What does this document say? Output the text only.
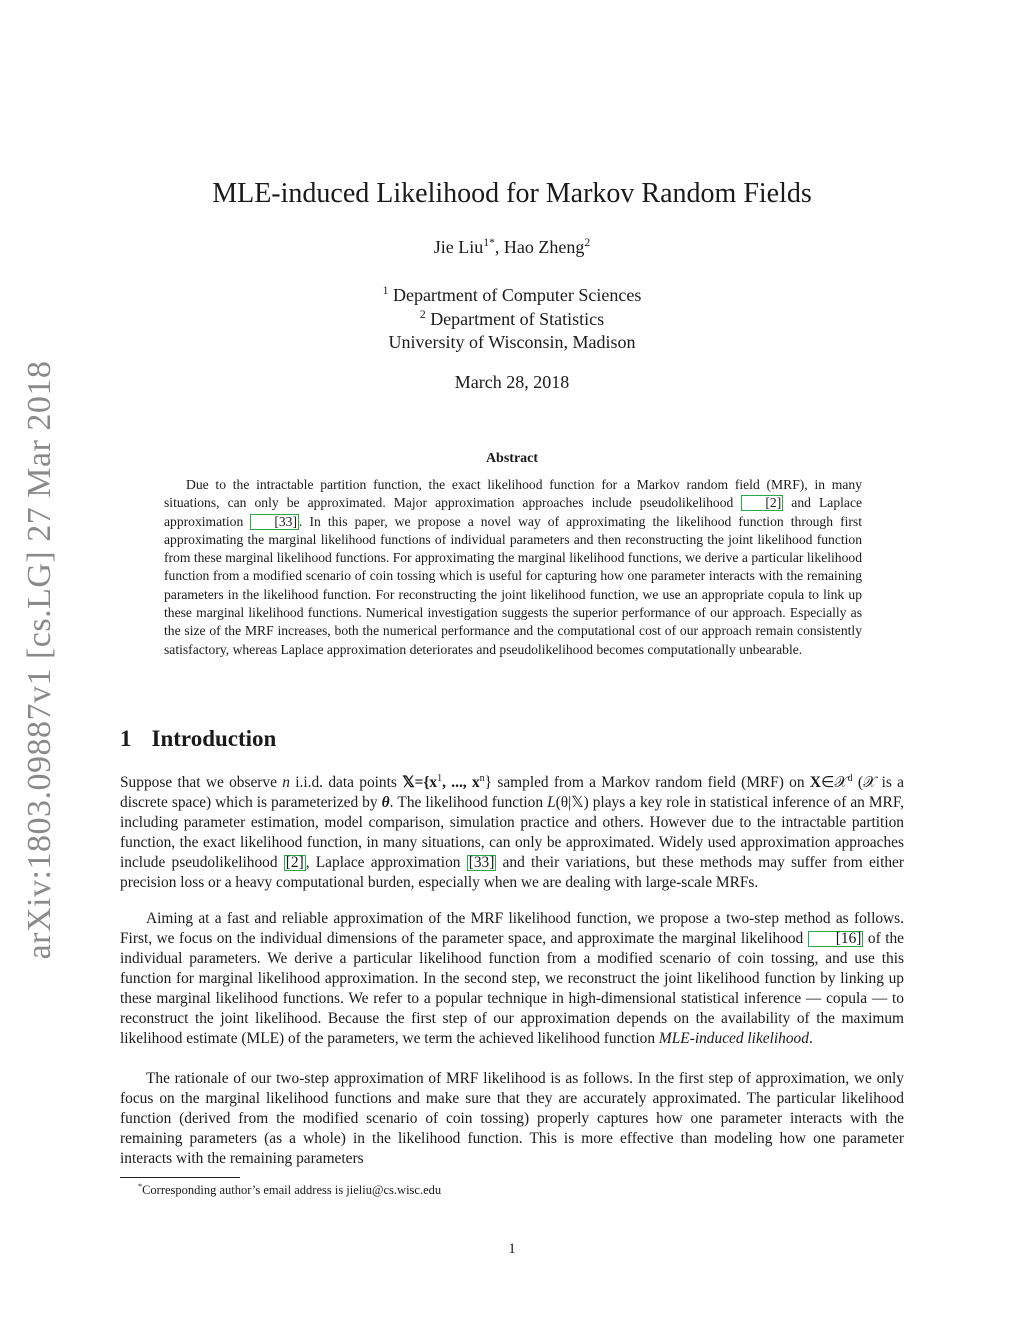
arXiv:1803.09887v1 [cs.LG] 27 Mar 2018
MLE-induced Likelihood for Markov Random Fields
Jie Liu$^{1*}$, Hao Zheng$^2$
$^1$ Department of Computer Sciences
$^2$ Department of Statistics
University of Wisconsin, Madison
March 28, 2018
Abstract
Due to the intractable partition function, the exact likelihood function for a Markov random field (MRF), in many situations, can only be approximated. Major approximation approaches include pseudolikelihood [2] and Laplace approximation [33] . In this paper, we propose a novel way of approximating the likelihood function through first approximating the marginal likelihood functions of individual parameters and then reconstructing the joint likelihood function from these marginal likelihood functions. For approximating the marginal likelihood functions, we derive a particular likelihood function from a modified scenario of coin tossing which is useful for capturing how one parameter interacts with the remaining parameters in the likelihood function. For reconstructing the joint likelihood function, we use an appropriate copula to link up these marginal likelihood functions. Numerical investigation suggests the superior performance of our approach. Especially as the size of the MRF increases, both the numerical performance and the computational cost of our approach remain consistently satisfactory, whereas Laplace approximation deteriorates and pseudolikelihood becomes computationally unbearable.
1 Introduction
Suppose that we observe n i.i.d. data points $𝕏=\{x^1$, ..., $x^n$} sampled from a Markov random field (MRF) on X∈𝒳$^d$ (𝒳 is a discrete space) which is parameterized by θ. The likelihood function L(θ|𝕏) plays a key role in statistical inference of an MRF, including parameter estimation, model comparison, simulation practice and others. However due to the intractable partition function, the exact likelihood function, in many situations, can only be approximated. Widely used approximation approaches include pseudolikelihood [2] , Laplace approximation [33] and their variations, but these methods may suffer from either precision loss or a heavy computational burden, especially when we are dealing with large-scale MRFs.
Aiming at a fast and reliable approximation of the MRF likelihood function, we propose a two-step method as follows. First, we focus on the individual dimensions of the parameter space, and approximate the marginal likelihood [16] of the individual parameters. We derive a particular likelihood function from a modified scenario of coin tossing, and use this function for marginal likelihood approximation. In the second step, we reconstruct the joint likelihood function by linking up these marginal likelihood functions. We refer to a popular technique in high-dimensional statistical inference — copula — to reconstruct the joint likelihood. Because the first step of our approximation depends on the availability of the maximum likelihood estimate (MLE) of the parameters, we term the achieved likelihood function MLE-induced likelihood.
The rationale of our two-step approximation of MRF likelihood is as follows. In the first step of approximation, we only focus on the marginal likelihood functions and make sure that they are accurately approximated. The particular likelihood function (derived from the modified scenario of coin tossing) properly captures how one parameter interacts with the remaining parameters (as a whole) in the likelihood function. This is more effective than modeling how one parameter interacts with the remaining parameters
*Corresponding author’s email address is jieliu@cs.wisc.edu
1
